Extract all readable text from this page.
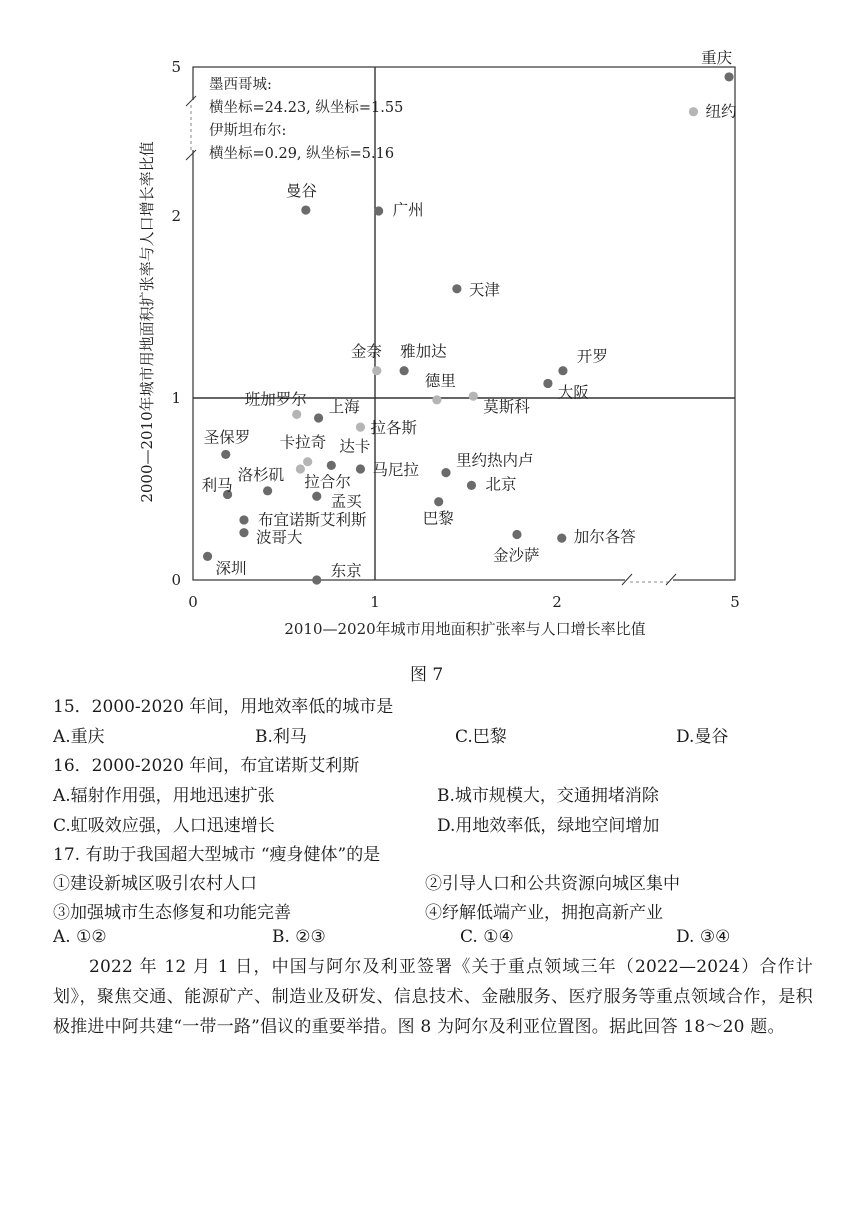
0	1	2	5
0
1
2
5
墨西哥城:
横坐标=24.23, 纵坐标=1.55
伊斯坦布尔:
横坐标=0.29, 纵坐标=5.16
重庆
纽约
曼谷
广州
天津
金奈 雅加达
德里
莫斯科
开罗
大阪
班加罗尔 上海
拉各斯
圣保罗 卡拉奇 达卡
洛杉矶
利马	拉合尔
马尼拉
孟买
里约热内卢
北京
巴黎
布宜诺斯艾利斯
波哥大
深圳	东京
金沙萨
加尔各答
2010—2020年城市用地面积扩张率与人口增长率比值
2000—2010年城市用地面积扩张率与人口增长率比值
图 7
15．2000-2020 年间，用地效率低的城市是
A.重庆	B.利马	C.巴黎	D.曼谷
16．2000-2020 年间，布宜诺斯艾利斯
A.辐射作用强，用地迅速扩张	B.城市规模大，交通拥堵消除
C.虹吸效应强，人口迅速增长	D.用地效率低，绿地空间增加
17. 有助于我国超大型城市 “瘦身健体”的是
①建设新城区吸引农村人口	②引导人口和公共资源向城区集中
③加强城市生态修复和功能完善	④纾解低端产业，拥抱高新产业
A. ①②	B. ②③	C. ①④	D. ③④
2022 年 12 月 1 日，中国与阿尔及利亚签署《关于重点领域三年（2022—2024）合作计划》，聚焦交通、能源矿产、制造业及研发、信息技术、金融服务、医疗服务等重点领域合作，是积极推进中阿共建“一带一路”倡议的重要举措。图 8 为阿尔及利亚位置图。据此回答 18～20 题。
